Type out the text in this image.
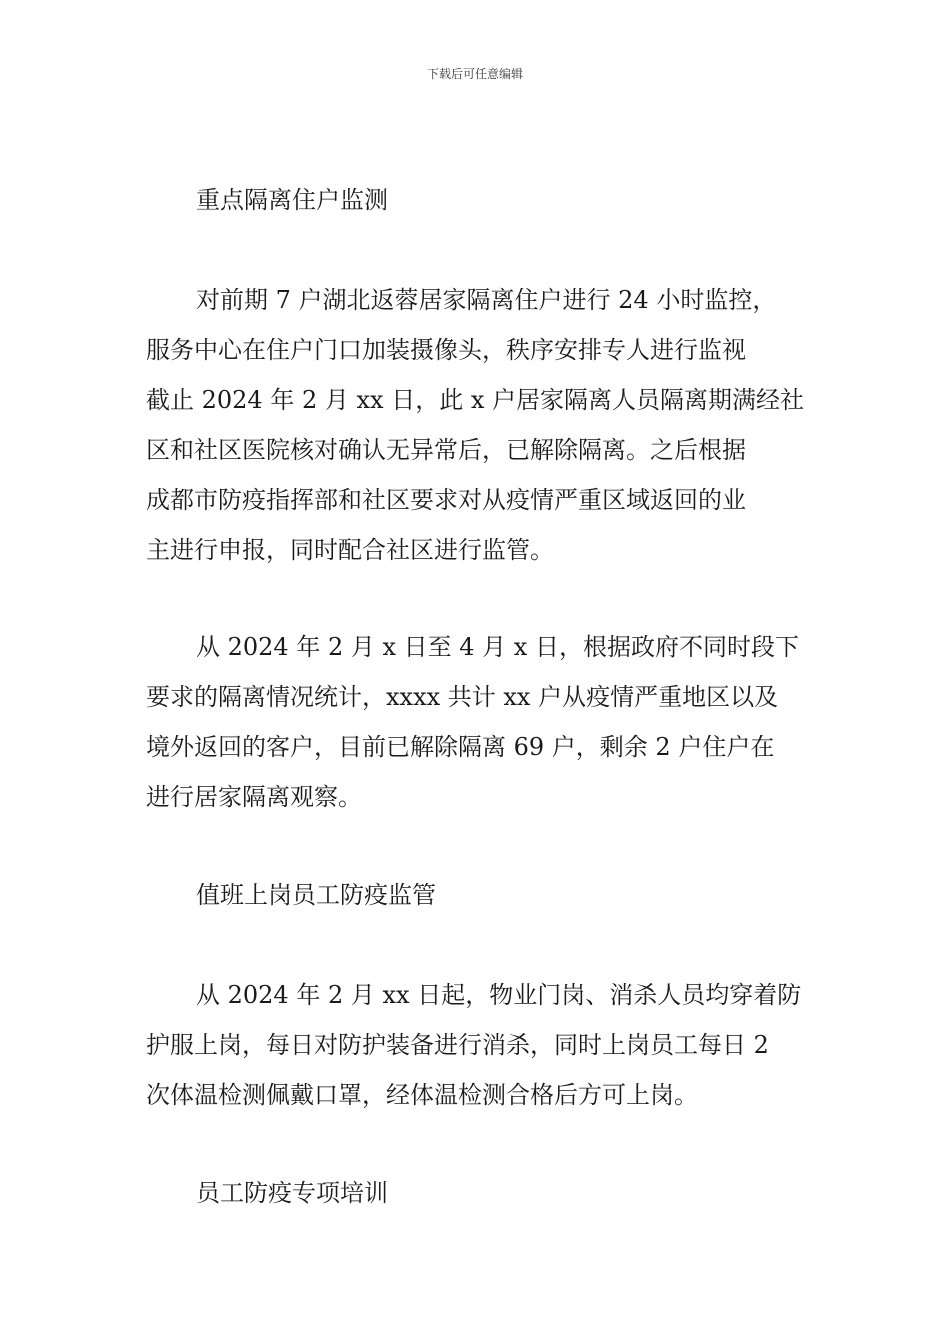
下载后可任意编辑
重点隔离住户监测
对前期 7 户湖北返蓉居家隔离住户进行 24 小时监控，
服务中心在住户门口加装摄像头，秩序安排专人进行监视
截止 2024 年 2 月 xx 日，此 x 户居家隔离人员隔离期满经社
区和社区医院核对确认无异常后，已解除隔离。之后根据
成都市防疫指挥部和社区要求对从疫情严重区域返回的业
主进行申报，同时配合社区进行监管。
从 2024 年 2 月 x 日至 4 月 x 日，根据政府不同时段下
要求的隔离情况统计，xxxx 共计 xx 户从疫情严重地区以及
境外返回的客户，目前已解除隔离 69 户，剩余 2 户住户在
进行居家隔离观察。
值班上岗员工防疫监管
从 2024 年 2 月 xx 日起，物业门岗、消杀人员均穿着防
护服上岗，每日对防护装备进行消杀，同时上岗员工每日 2
次体温检测佩戴口罩，经体温检测合格后方可上岗。
员工防疫专项培训
